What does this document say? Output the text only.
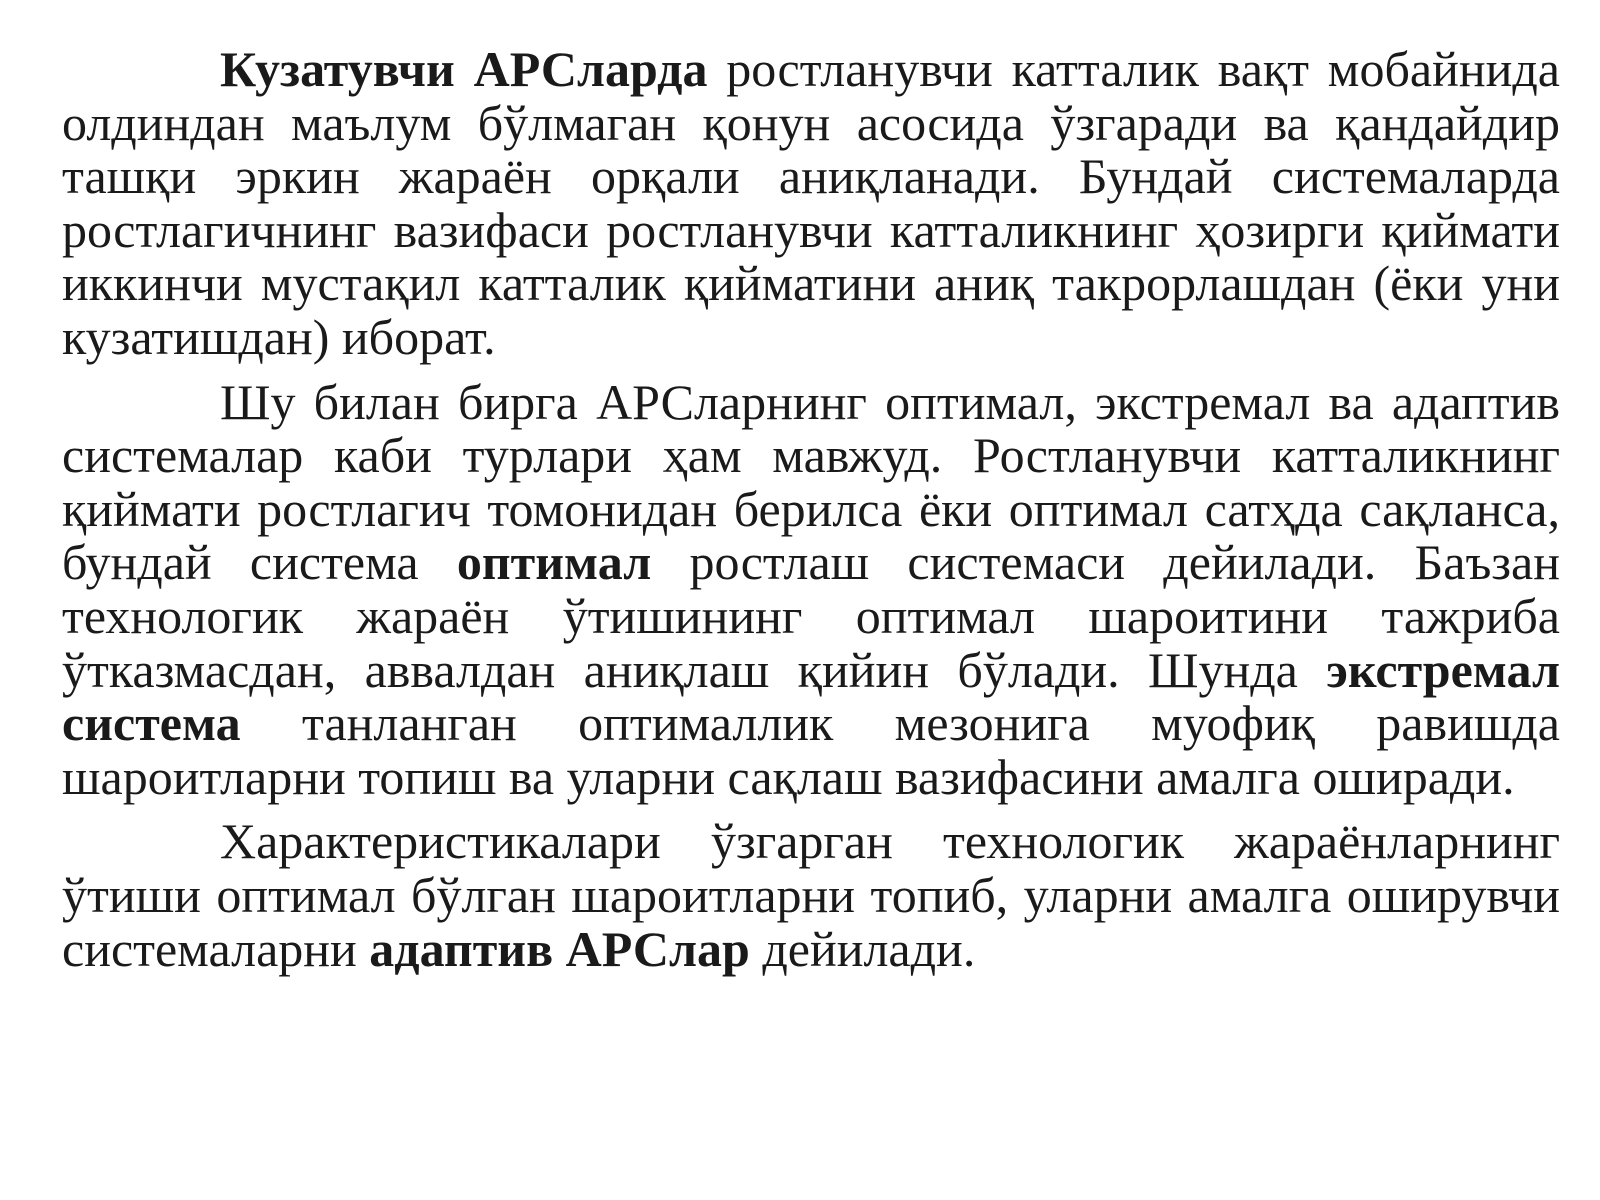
Кузатувчи АРСларда ростланувчи катталик вақт мобайнида олдиндан маълум бўлмаган қонун асосида ўзгаради ва қандайдир ташқи эркин жараён орқали аниқланади. Бундай системаларда ростлагичнинг вазифаси ростланувчи катталикнинг ҳозирги қиймати иккинчи мустақил катталик қийматини аниқ такрорлашдан (ёки уни кузатишдан) иборат.

Шу билан бирга АРСларнинг оптимал, экстремал ва адаптив системалар каби турлари ҳам мавжуд. Ростланувчи катталикнинг қиймати ростлагич томонидан берилса ёки оптимал сатҳда сақланса, бундай система оптимал ростлаш системаси дейилади. Баъзан технологик жараён ўтишининг оптимал шароитини тажриба ўтказмасдан, аввалдан аниқлаш қийин бўлади. Шунда экстремал система танланган оптималлик мезонига муофиқ равишда шароитларни топиш ва уларни сақлаш вазифасини амалга оширади.

Характеристикалари ўзгарган технологик жараёнларнинг ўтиши оптимал бўлган шароитларни топиб, уларни амалга оширувчи системаларни адаптив АРСлар дейилади.
